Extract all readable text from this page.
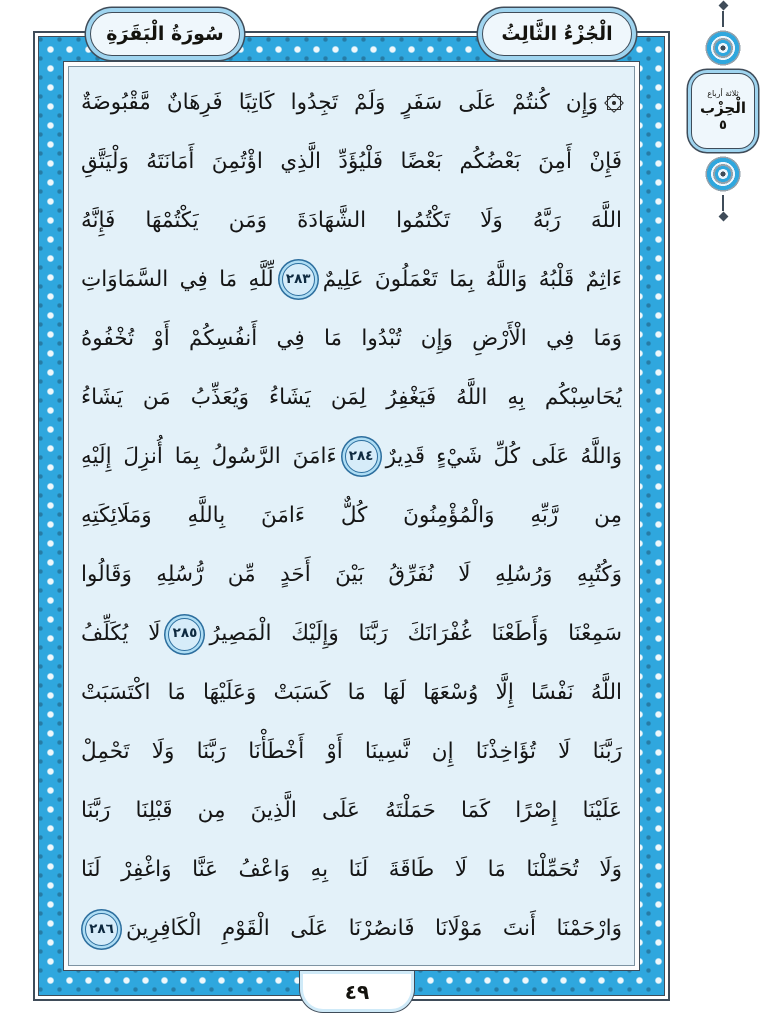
وَإِن كُنتُمْ عَلَى سَفَرٍ وَلَمْ تَجِدُوا كَاتِبًا فَرِهَانٌ مَّقْبُوضَةٌ
فَإِنْ أَمِنَ بَعْضُكُم بَعْضًا فَلْيُؤَدِّ الَّذِي اؤْتُمِنَ أَمَانَتَهُ وَلْيَتَّقِ
اللَّهَ رَبَّهُ وَلَا تَكْتُمُوا الشَّهَادَةَ وَمَن يَكْتُمْهَا فَإِنَّهُ
ءَاثِمٌ قَلْبُهُ وَاللَّهُ بِمَا تَعْمَلُونَ عَلِيمٌ
٢٨٣
لِّلَّهِ مَا فِي السَّمَاوَاتِ
وَمَا فِي الْأَرْضِ وَإِن تُبْدُوا مَا فِي أَنفُسِكُمْ أَوْ تُخْفُوهُ
يُحَاسِبْكُم بِهِ اللَّهُ فَيَغْفِرُ لِمَن يَشَاءُ وَيُعَذِّبُ مَن يَشَاءُ
وَاللَّهُ عَلَى كُلِّ شَيْءٍ قَدِيرٌ
٢٨٤
ءَامَنَ الرَّسُولُ بِمَا أُنزِلَ إِلَيْهِ
مِن رَّبِّهِ وَالْمُؤْمِنُونَ كُلٌّ ءَامَنَ بِاللَّهِ وَمَلَائِكَتِهِ
وَكُتُبِهِ وَرُسُلِهِ لَا نُفَرِّقُ بَيْنَ أَحَدٍ مِّن رُّسُلِهِ وَقَالُوا
سَمِعْنَا وَأَطَعْنَا غُفْرَانَكَ رَبَّنَا وَإِلَيْكَ الْمَصِيرُ
٢٨٥
لَا يُكَلِّفُ
اللَّهُ نَفْسًا إِلَّا وُسْعَهَا لَهَا مَا كَسَبَتْ وَعَلَيْهَا مَا اكْتَسَبَتْ
رَبَّنَا لَا تُؤَاخِذْنَا إِن نَّسِينَا أَوْ أَخْطَأْنَا رَبَّنَا وَلَا تَحْمِلْ
عَلَيْنَا إِصْرًا كَمَا حَمَلْتَهُ عَلَى الَّذِينَ مِن قَبْلِنَا رَبَّنَا
وَلَا تُحَمِّلْنَا مَا لَا طَاقَةَ لَنَا بِهِ وَاعْفُ عَنَّا وَاغْفِرْ لَنَا
وَارْحَمْنَا أَنتَ مَوْلَانَا فَانصُرْنَا عَلَى الْقَوْمِ الْكَافِرِينَ
٢٨٦
سُورَةُ الْبَقَرَةِ	الْجُزْءُ الثَّالِثُ
ثلاثة أرباع
الْحِزْب
٥
٤٩
